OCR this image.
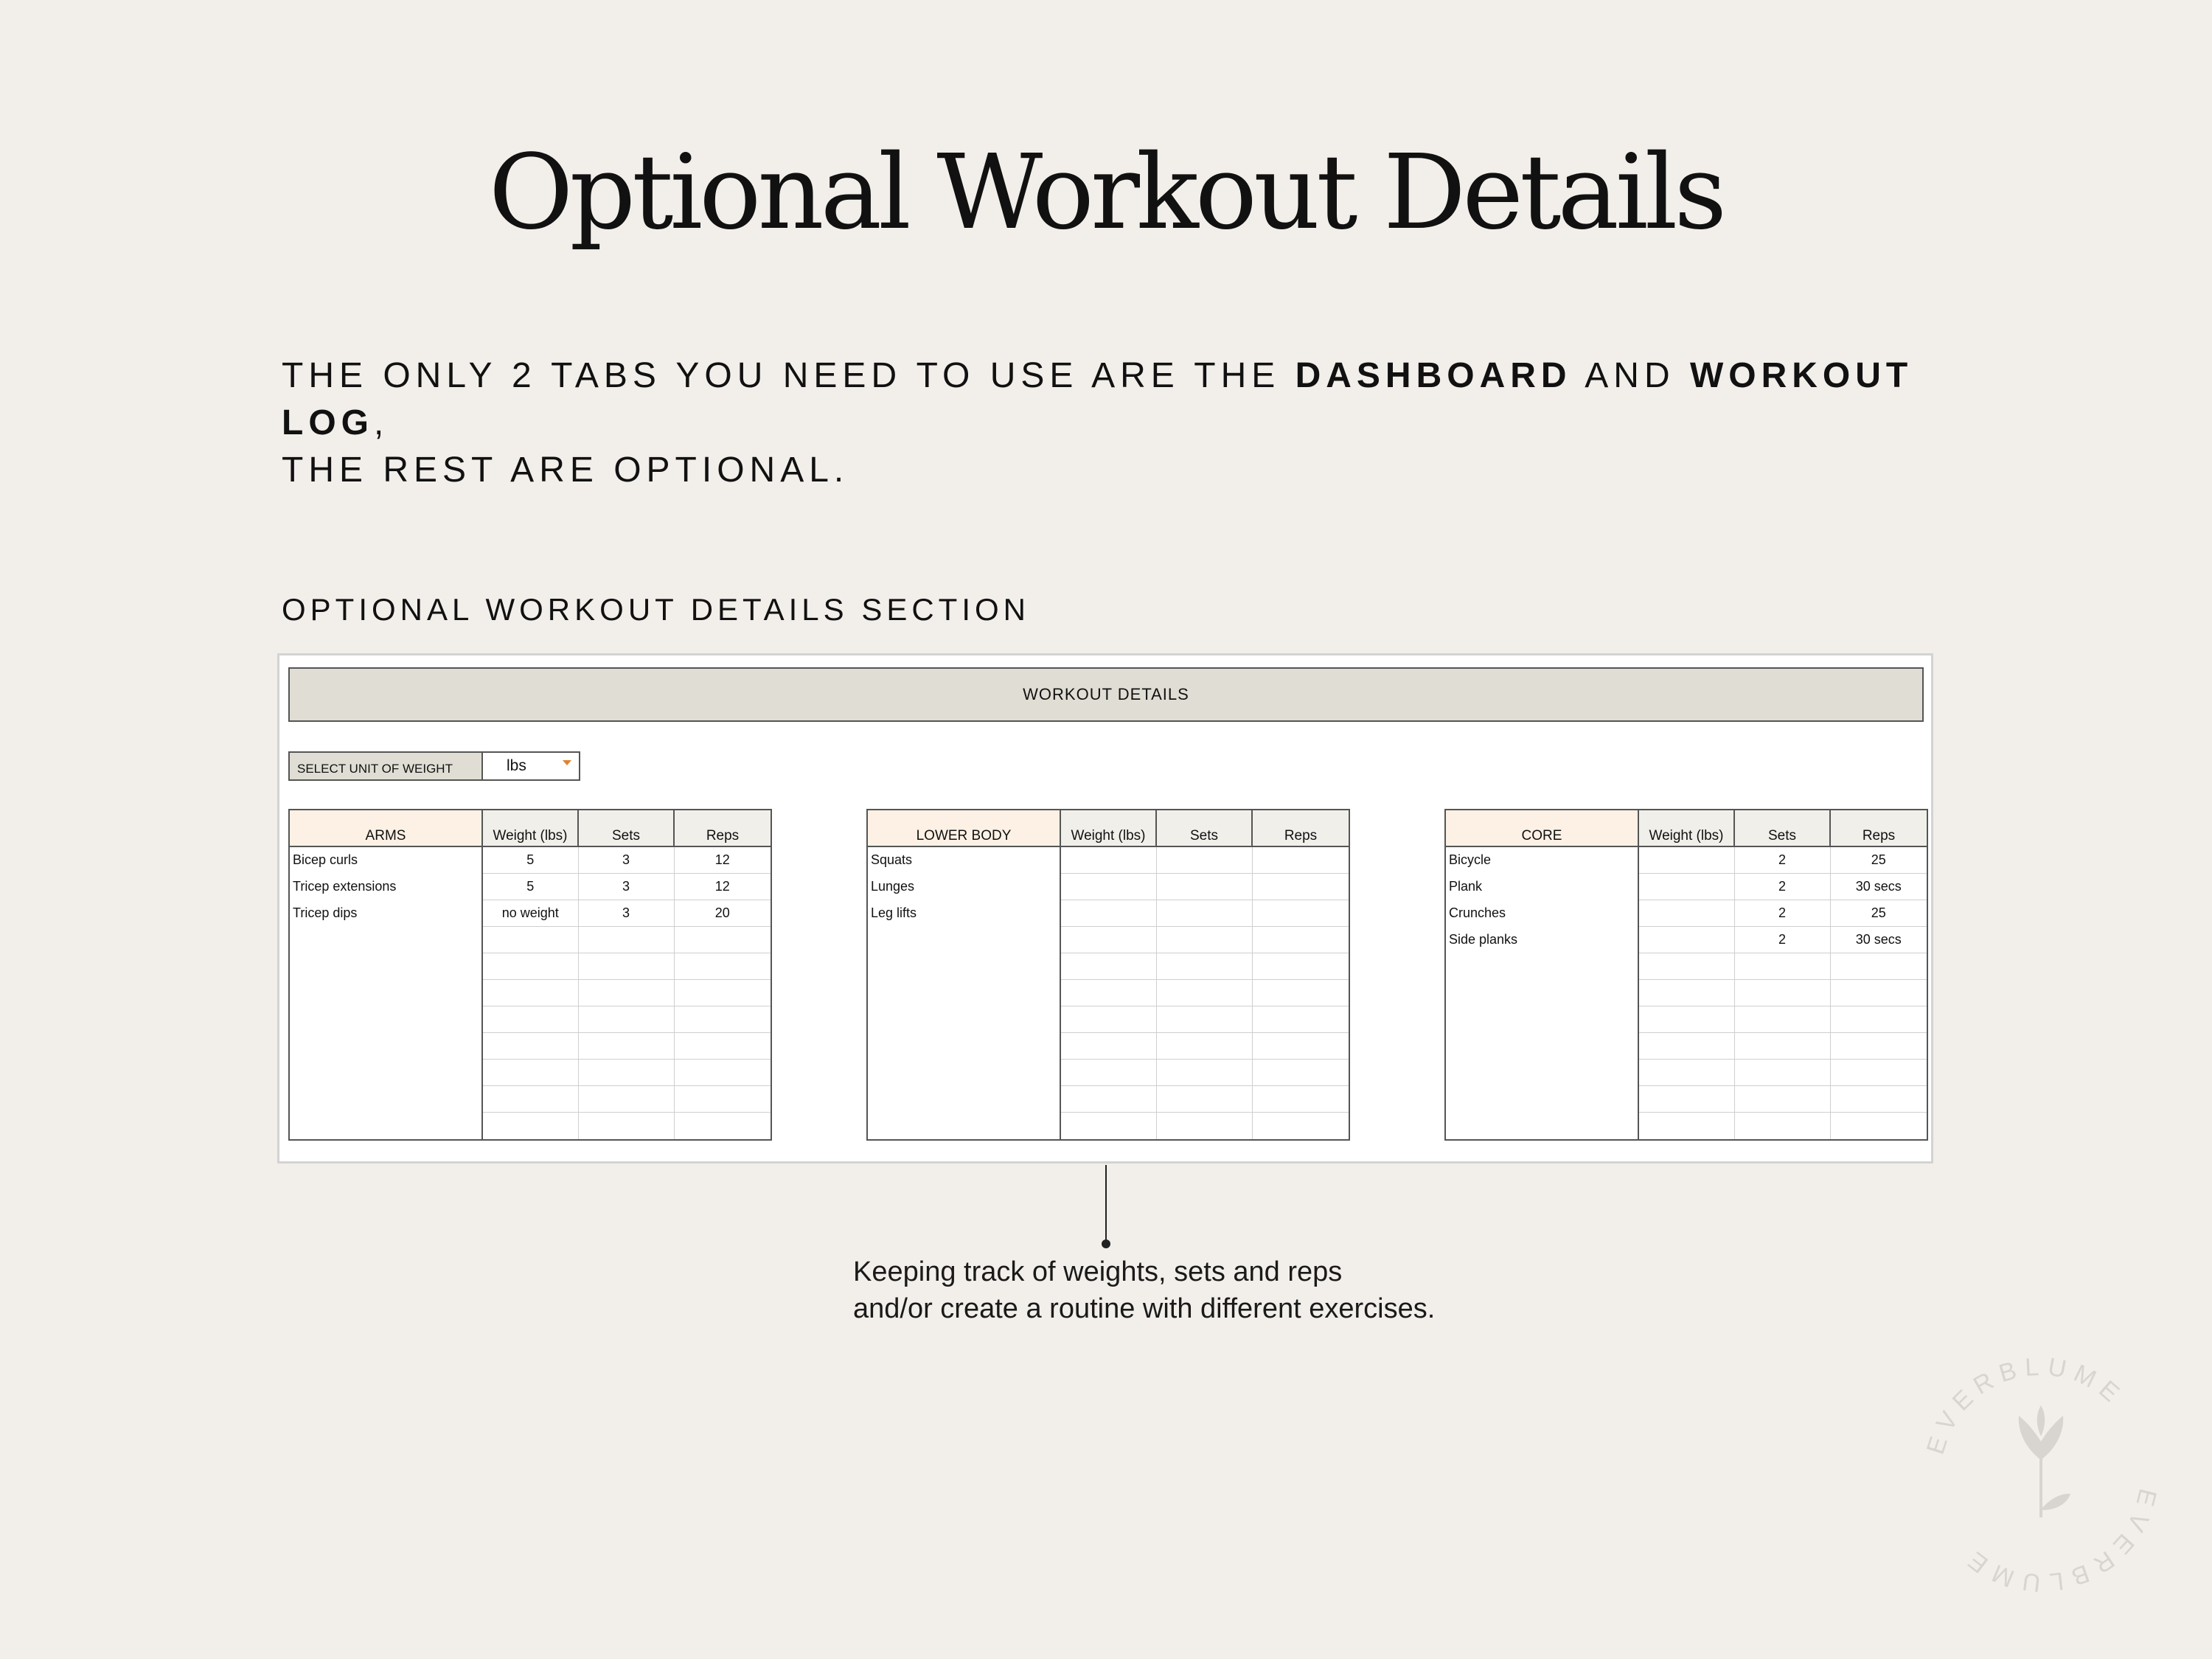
Optional Workout Details
THE ONLY 2 TABS YOU NEED TO USE ARE THE DASHBOARD AND WORKOUT LOG,
THE REST ARE OPTIONAL.
OPTIONAL WORKOUT DETAILS SECTION
WORKOUT DETAILS
SELECT UNIT OF WEIGHT	lbs
ARMS	Weight (lbs)	Sets	Reps
Bicep curls	5	3	12
Tricep extensions	5	3	12
Tricep dips	no weight	3	20

LOWER BODY	Weight (lbs)	Sets	Reps
Squats			
Lunges			
Leg lifts			

CORE	Weight (lbs)	Sets	Reps
Bicycle		2	25
Plank		2	30 secs
Crunches		2	25
Side planks		2	30 secs

Keeping track of weights, sets and reps
and/or create a routine with different exercises.
EVERBLUME
EVERBLUME
